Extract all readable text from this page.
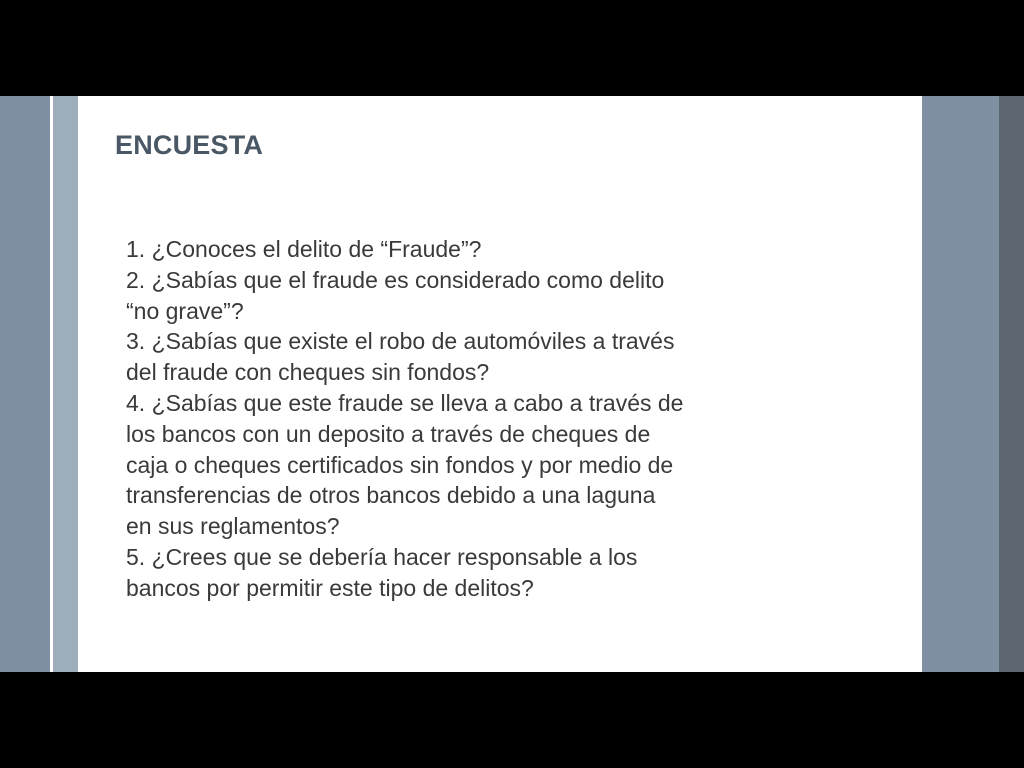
ENCUESTA
1. ¿Conoces el delito de “Fraude”?
2. ¿Sabías que el fraude es considerado como delito “no grave”?
3. ¿Sabías que existe el robo de automóviles a través del fraude con cheques sin fondos?
4. ¿Sabías que este fraude se lleva a cabo a través de los bancos con un deposito a través de cheques de caja o cheques certificados sin fondos y por medio de transferencias de otros bancos debido a una laguna en sus reglamentos?
5. ¿Crees que se debería hacer responsable a los bancos por permitir este tipo de delitos?
